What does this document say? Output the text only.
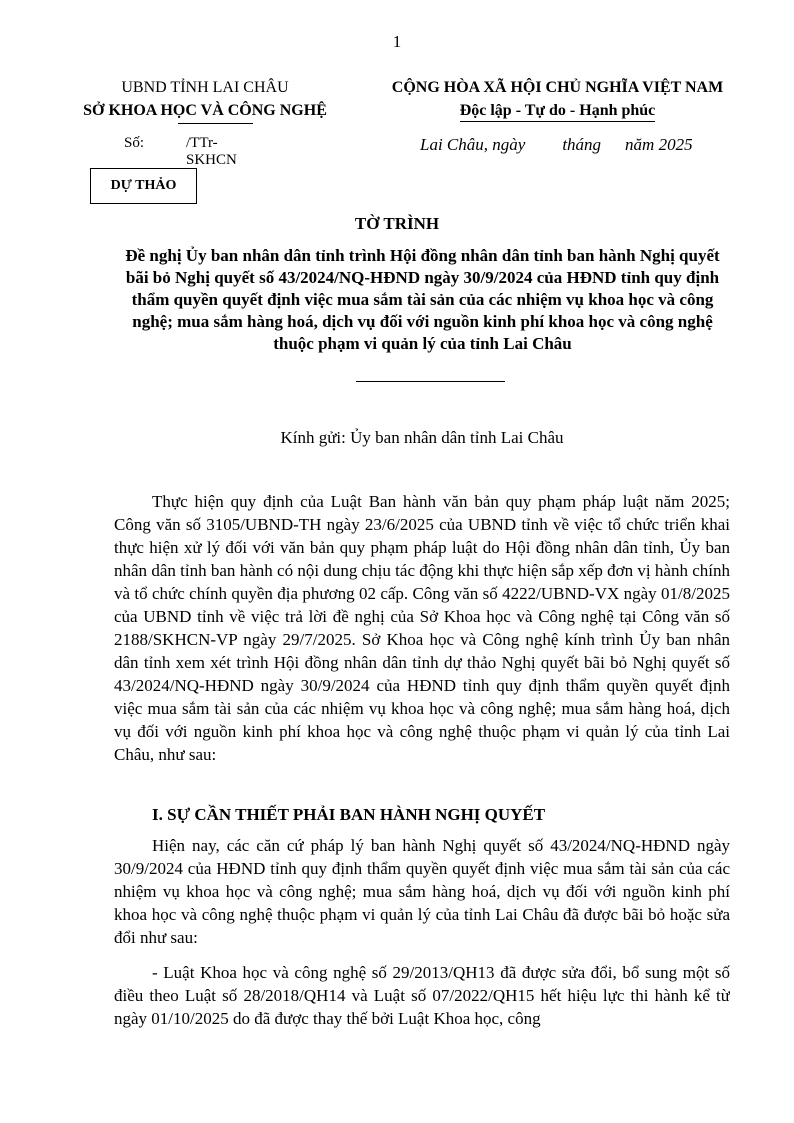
1
UBND TỈNH LAI CHÂU
SỞ KHOA HỌC VÀ CÔNG NGHỆ
CỘNG HÒA XÃ HỘI CHỦ NGHĨA VIỆT NAM
Độc lập - Tự do - Hạnh phúc
Số:	/TTr-SKHCN
Lai Châu, ngày tháng năm 2025
DỰ THẢO
TỜ TRÌNH
Đề nghị Ủy ban nhân dân tỉnh trình Hội đồng nhân dân tỉnh ban hành Nghị quyết bãi bỏ Nghị quyết số 43/2024/NQ-HĐND ngày 30/9/2024 của HĐND tỉnh quy định thẩm quyền quyết định việc mua sắm tài sản của các nhiệm vụ khoa học và công nghệ; mua sắm hàng hoá, dịch vụ đối với nguồn kinh phí khoa học và công nghệ thuộc phạm vi quản lý của tỉnh Lai Châu
Kính gửi: Ủy ban nhân dân tỉnh Lai Châu

Thực hiện quy định của Luật Ban hành văn bản quy phạm pháp luật năm 2025; Công văn số 3105/UBND-TH ngày 23/6/2025 của UBND tỉnh về việc tổ chức triển khai thực hiện xử lý đối với văn bản quy phạm pháp luật do Hội đồng nhân dân tỉnh, Ủy ban nhân dân tỉnh ban hành có nội dung chịu tác động khi thực hiện sắp xếp đơn vị hành chính và tổ chức chính quyền địa phương 02 cấp. Công văn số 4222/UBND-VX ngày 01/8/2025 của UBND tỉnh về việc trả lời đề nghị của Sở Khoa học và Công nghệ tại Công văn số 2188/SKHCN-VP ngày 29/7/2025. Sở Khoa học và Công nghệ kính trình Ủy ban nhân dân tỉnh xem xét trình Hội đồng nhân dân tỉnh dự thảo Nghị quyết bãi bỏ Nghị quyết số 43/2024/NQ-HĐND ngày 30/9/2024 của HĐND tỉnh quy định thẩm quyền quyết định việc mua sắm tài sản của các nhiệm vụ khoa học và công nghệ; mua sắm hàng hoá, dịch vụ đối với nguồn kinh phí khoa học và công nghệ thuộc phạm vi quản lý của tỉnh Lai Châu, như sau:

I. SỰ CẦN THIẾT PHẢI BAN HÀNH NGHỊ QUYẾT

Hiện nay, các căn cứ pháp lý ban hành Nghị quyết số 43/2024/NQ-HĐND ngày 30/9/2024 của HĐND tỉnh quy định thẩm quyền quyết định việc mua sắm tài sản của các nhiệm vụ khoa học và công nghệ; mua sắm hàng hoá, dịch vụ đối với nguồn kinh phí khoa học và công nghệ thuộc phạm vi quản lý của tỉnh Lai Châu đã được bãi bỏ hoặc sửa đổi như sau:

- Luật Khoa học và công nghệ số 29/2013/QH13 đã được sửa đổi, bổ sung một số điều theo Luật số 28/2018/QH14 và Luật số 07/2022/QH15 hết hiệu lực thi hành kể từ ngày 01/10/2025 do đã được thay thế bởi Luật Khoa học, công
